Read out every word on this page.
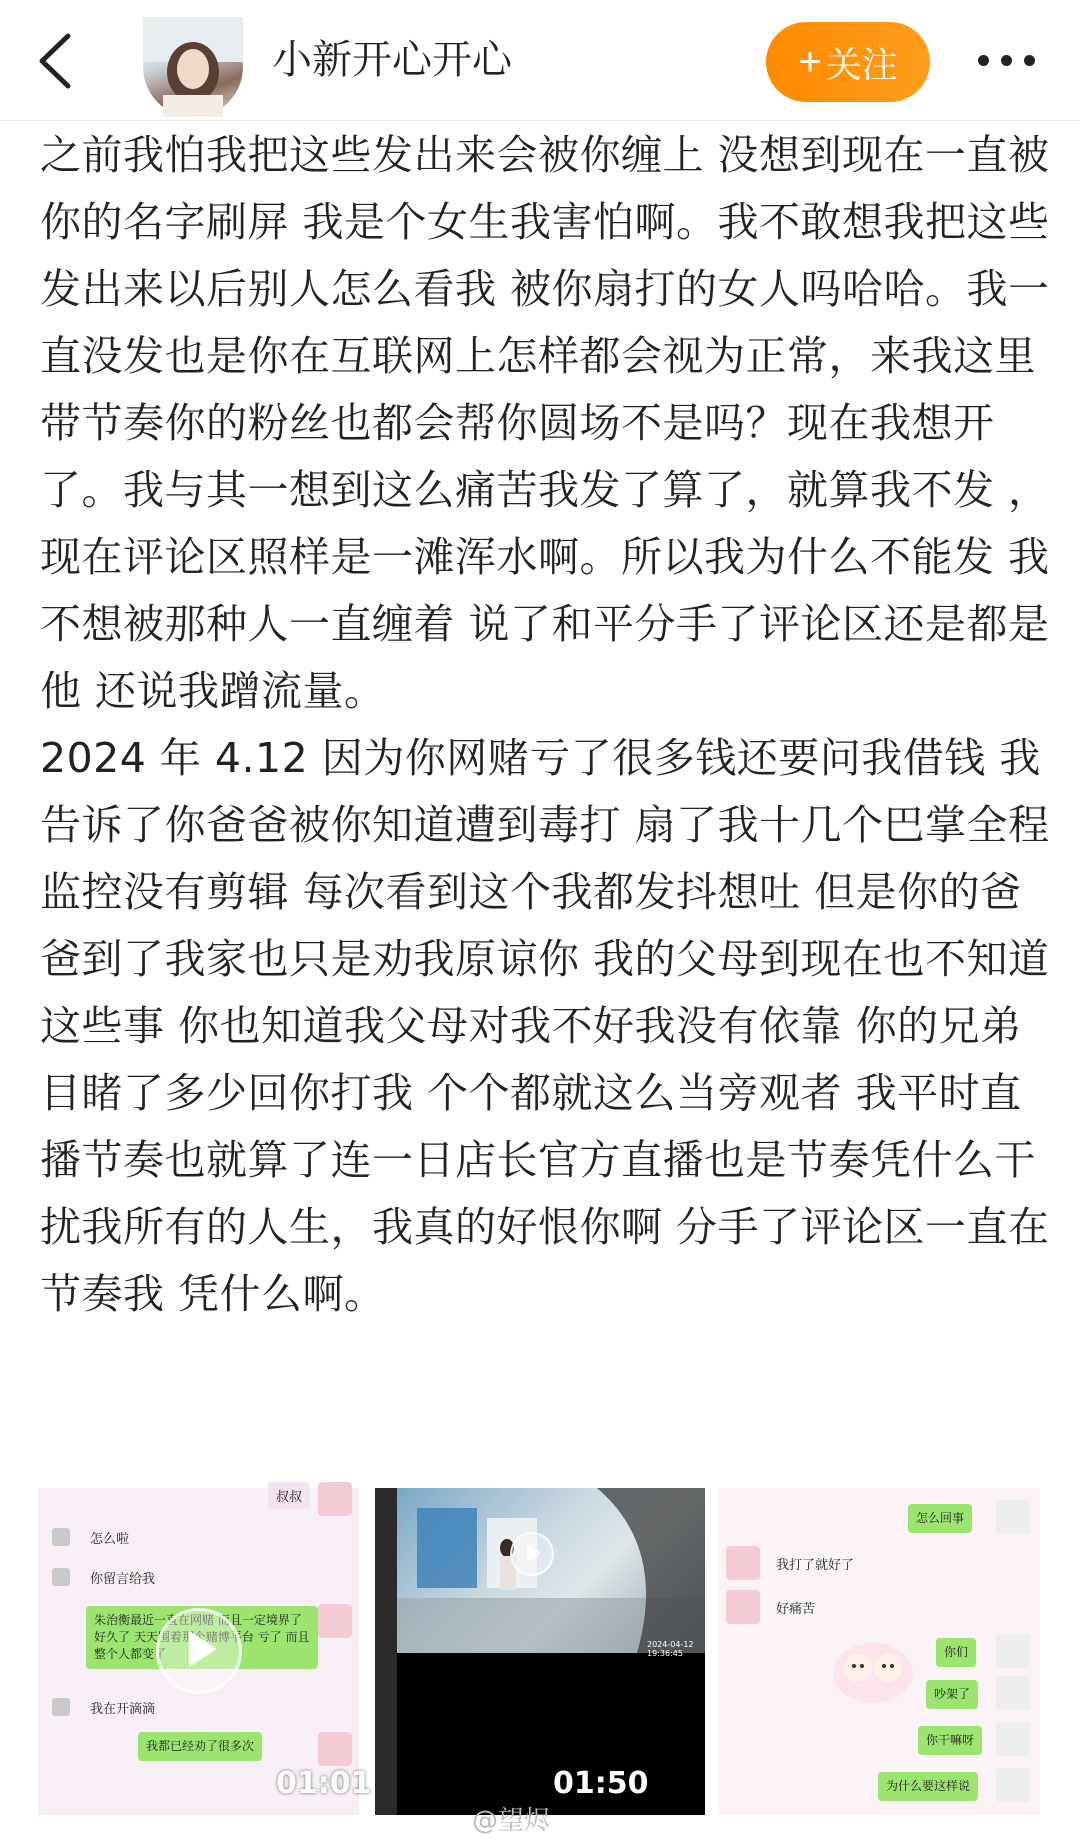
小新开心开心	+ 关注

之前我怕我把这些发出来会被你缠上 没想到现在一直被你的名字刷屏 我是个女生我害怕啊。我不敢想我把这些发出来以后别人怎么看我 被你扇打的女人吗哈哈。我一直没发也是你在互联网上怎样都会视为正常，来我这里带节奏你的粉丝也都会帮你圆场不是吗？现在我想开了。我与其一想到这么痛苦我发了算了，就算我不发 ，现在评论区照样是一滩浑水啊。所以我为什么不能发 我不想被那种人一直缠着 说了和平分手了评论区还是都是他 还说我蹭流量。

2024 年 4.12 因为你网赌亏了很多钱还要问我借钱 我告诉了你爸爸被你知道遭到毒打 扇了我十几个巴掌全程监控没有剪辑 每次看到这个我都发抖想吐 但是你的爸爸到了我家也只是劝我原谅你 我的父母到现在也不知道这些事 你也知道我父母对我不好我没有依靠 你的兄弟目睹了多少回你打我 个个都就这么当旁观者 我平时直播节奏也就算了连一日店长官方直播也是节奏凭什么干扰我所有的人生，我真的好恨你啊 分手了评论区一直在节奏我 凭什么啊。

叔叔
怎么啦
你留言给我
朱治衡最近一直在网赌 而且一定境界了 好久了 天天围着那个赌博平台 亏了 而且整个人都变了
我在开滴滴
我都已经劝了很多次
01:01
2024-04-12 19:36:45
01:50
怎么回事
我打了就好了
好痛苦
你们
吵架了
你干嘛呀
为什么要这样说
@望烬
